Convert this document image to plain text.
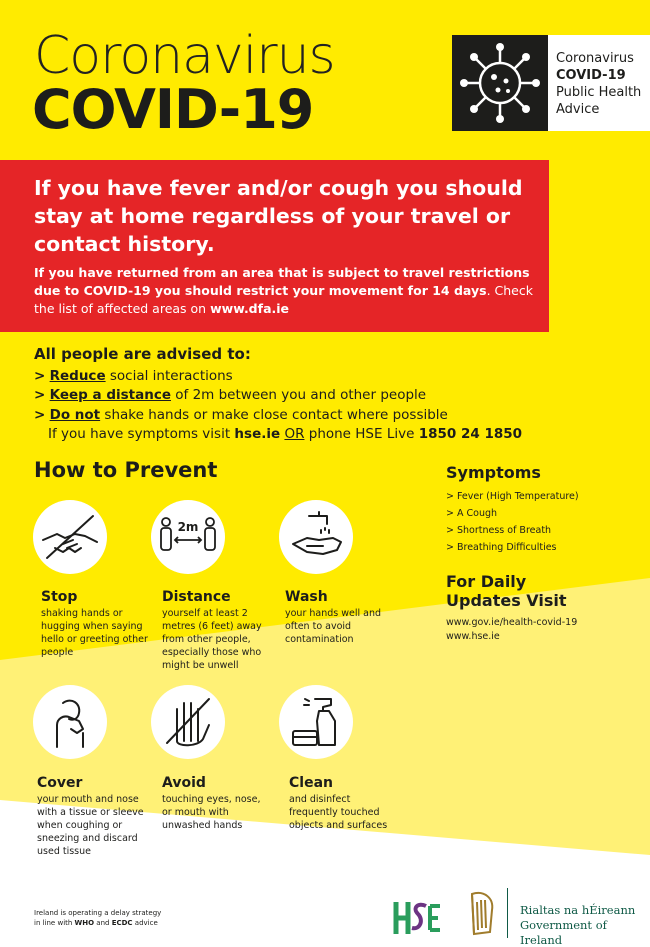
Coronavirus
COVID-19
Coronavirus
COVID-19
Public Health
Advice
If you have fever and/or cough you should stay at home regardless of your travel or contact history.
If you have returned from an area that is subject to travel restrictions due to COVID-19 you should restrict your movement for 14 days. Check the list of affected areas on www.dfa.ie
All people are advised to:
> Reduce social interactions
> Keep a distance of 2m between you and other people
> Do not shake hands or make close contact where possible
If you have symptoms visit hse.ie OR phone HSE Live 1850 24 1850
How to Prevent
2m
Stop
shaking hands or hugging when saying hello or greeting other people
Distance
yourself at least 2 metres (6 feet) away from other people, especially those who might be unwell
Wash
your hands well and often to avoid contamination
Cover
your mouth and nose with a tissue or sleeve when coughing or sneezing and discard used tissue
Avoid
touching eyes, nose, or mouth with unwashed hands
Clean
and disinfect frequently touched objects and surfaces
Symptoms
> Fever (High Temperature)
> A Cough
> Shortness of Breath
> Breathing Difficulties
For Daily
Updates Visit
www.gov.ie/health-covid-19
www.hse.ie
Ireland is operating a delay strategy
in line with WHO and ECDC advice
Rialtas na hÉireann
Government of Ireland
